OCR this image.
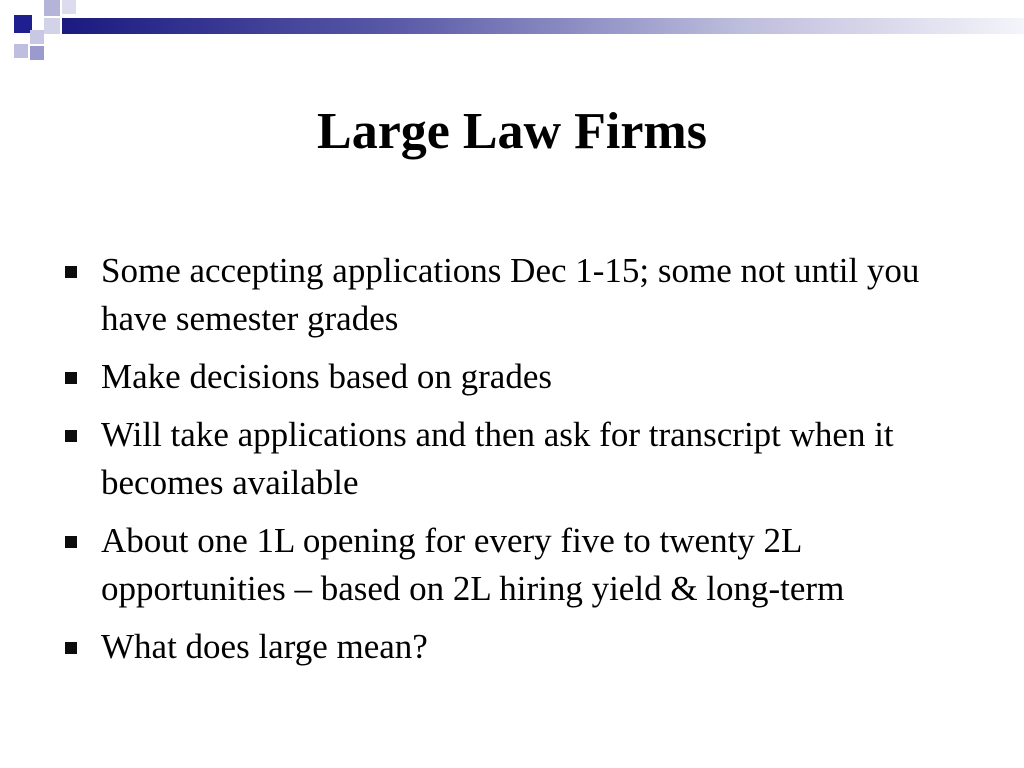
Large Law Firms
Some accepting applications Dec 1-15; some not until you have semester grades
Make decisions based on grades
Will take applications and then ask for transcript when it becomes available
About one 1L opening for every five to twenty 2L opportunities – based on 2L hiring yield & long-term
What does large mean?
